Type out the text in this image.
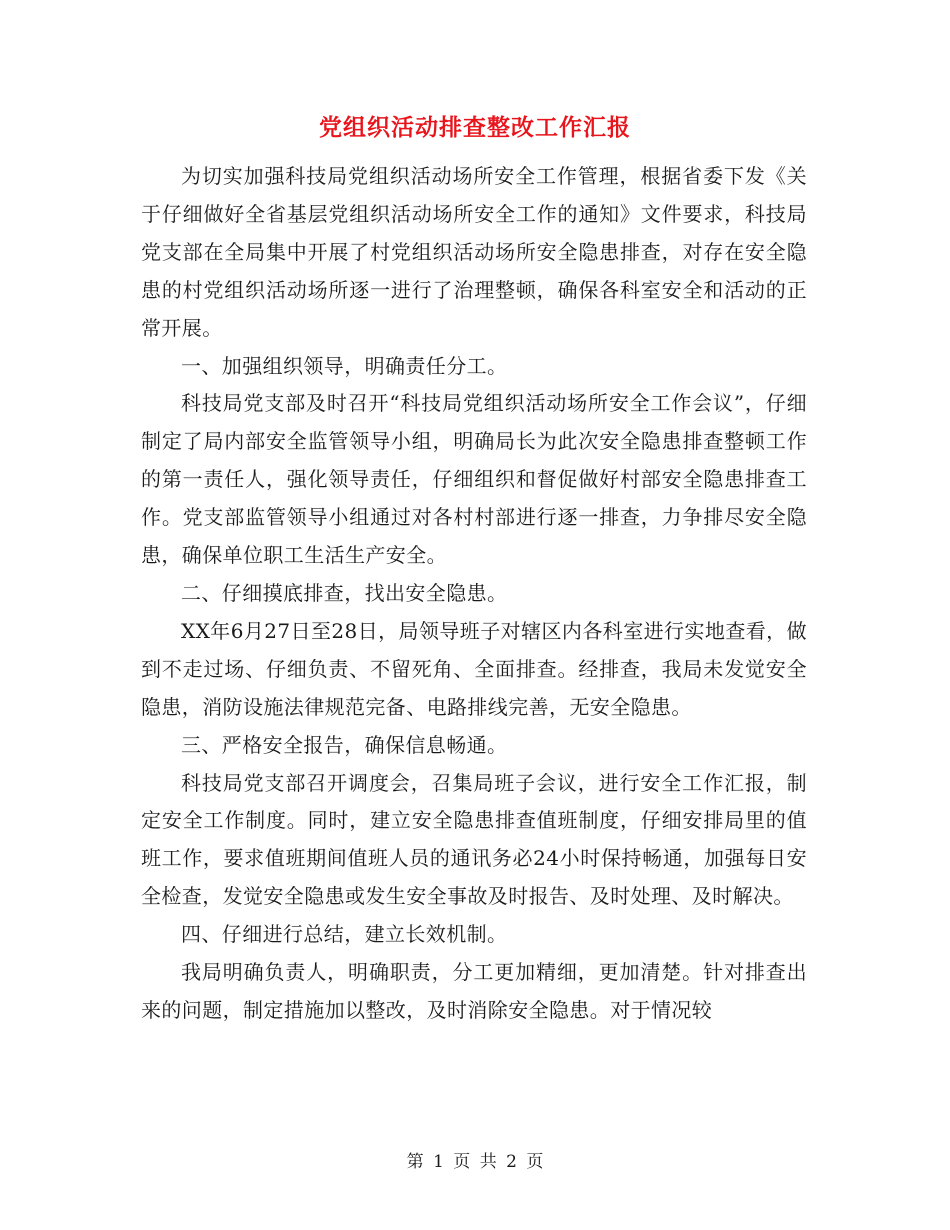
党组织活动排查整改工作汇报

为切实加强科技局党组织活动场所安全工作管理，根据省委下发《关于仔细做好全省基层党组织活动场所安全工作的通知》文件要求，科技局党支部在全局集中开展了村党组织活动场所安全隐患排查，对存在安全隐患的村党组织活动场所逐一进行了治理整顿，确保各科室安全和活动的正常开展。

一、加强组织领导，明确责任分工。

科技局党支部及时召开“科技局党组织活动场所安全工作会议”，仔细制定了局内部安全监管领导小组，明确局长为此次安全隐患排查整顿工作的第一责任人，强化领导责任，仔细组织和督促做好村部安全隐患排查工作。党支部监管领导小组通过对各村村部进行逐一排查，力争排尽安全隐患，确保单位职工生活生产安全。

二、仔细摸底排查，找出安全隐患。

XX年6月27日至28日，局领导班子对辖区内各科室进行实地查看，做到不走过场、仔细负责、不留死角、全面排查。经排查，我局未发觉安全隐患，消防设施法律规范完备、电路排线完善，无安全隐患。

三、严格安全报告，确保信息畅通。

科技局党支部召开调度会，召集局班子会议，进行安全工作汇报，制定安全工作制度。同时，建立安全隐患排查值班制度，仔细安排局里的值班工作，要求值班期间值班人员的通讯务必24小时保持畅通，加强每日安全检查，发觉安全隐患或发生安全事故及时报告、及时处理、及时解决。

四、仔细进行总结，建立长效机制。

我局明确负责人，明确职责，分工更加精细，更加清楚。针对排查出来的问题，制定措施加以整改，及时消除安全隐患。对于情况较

第 1 页 共 2 页
